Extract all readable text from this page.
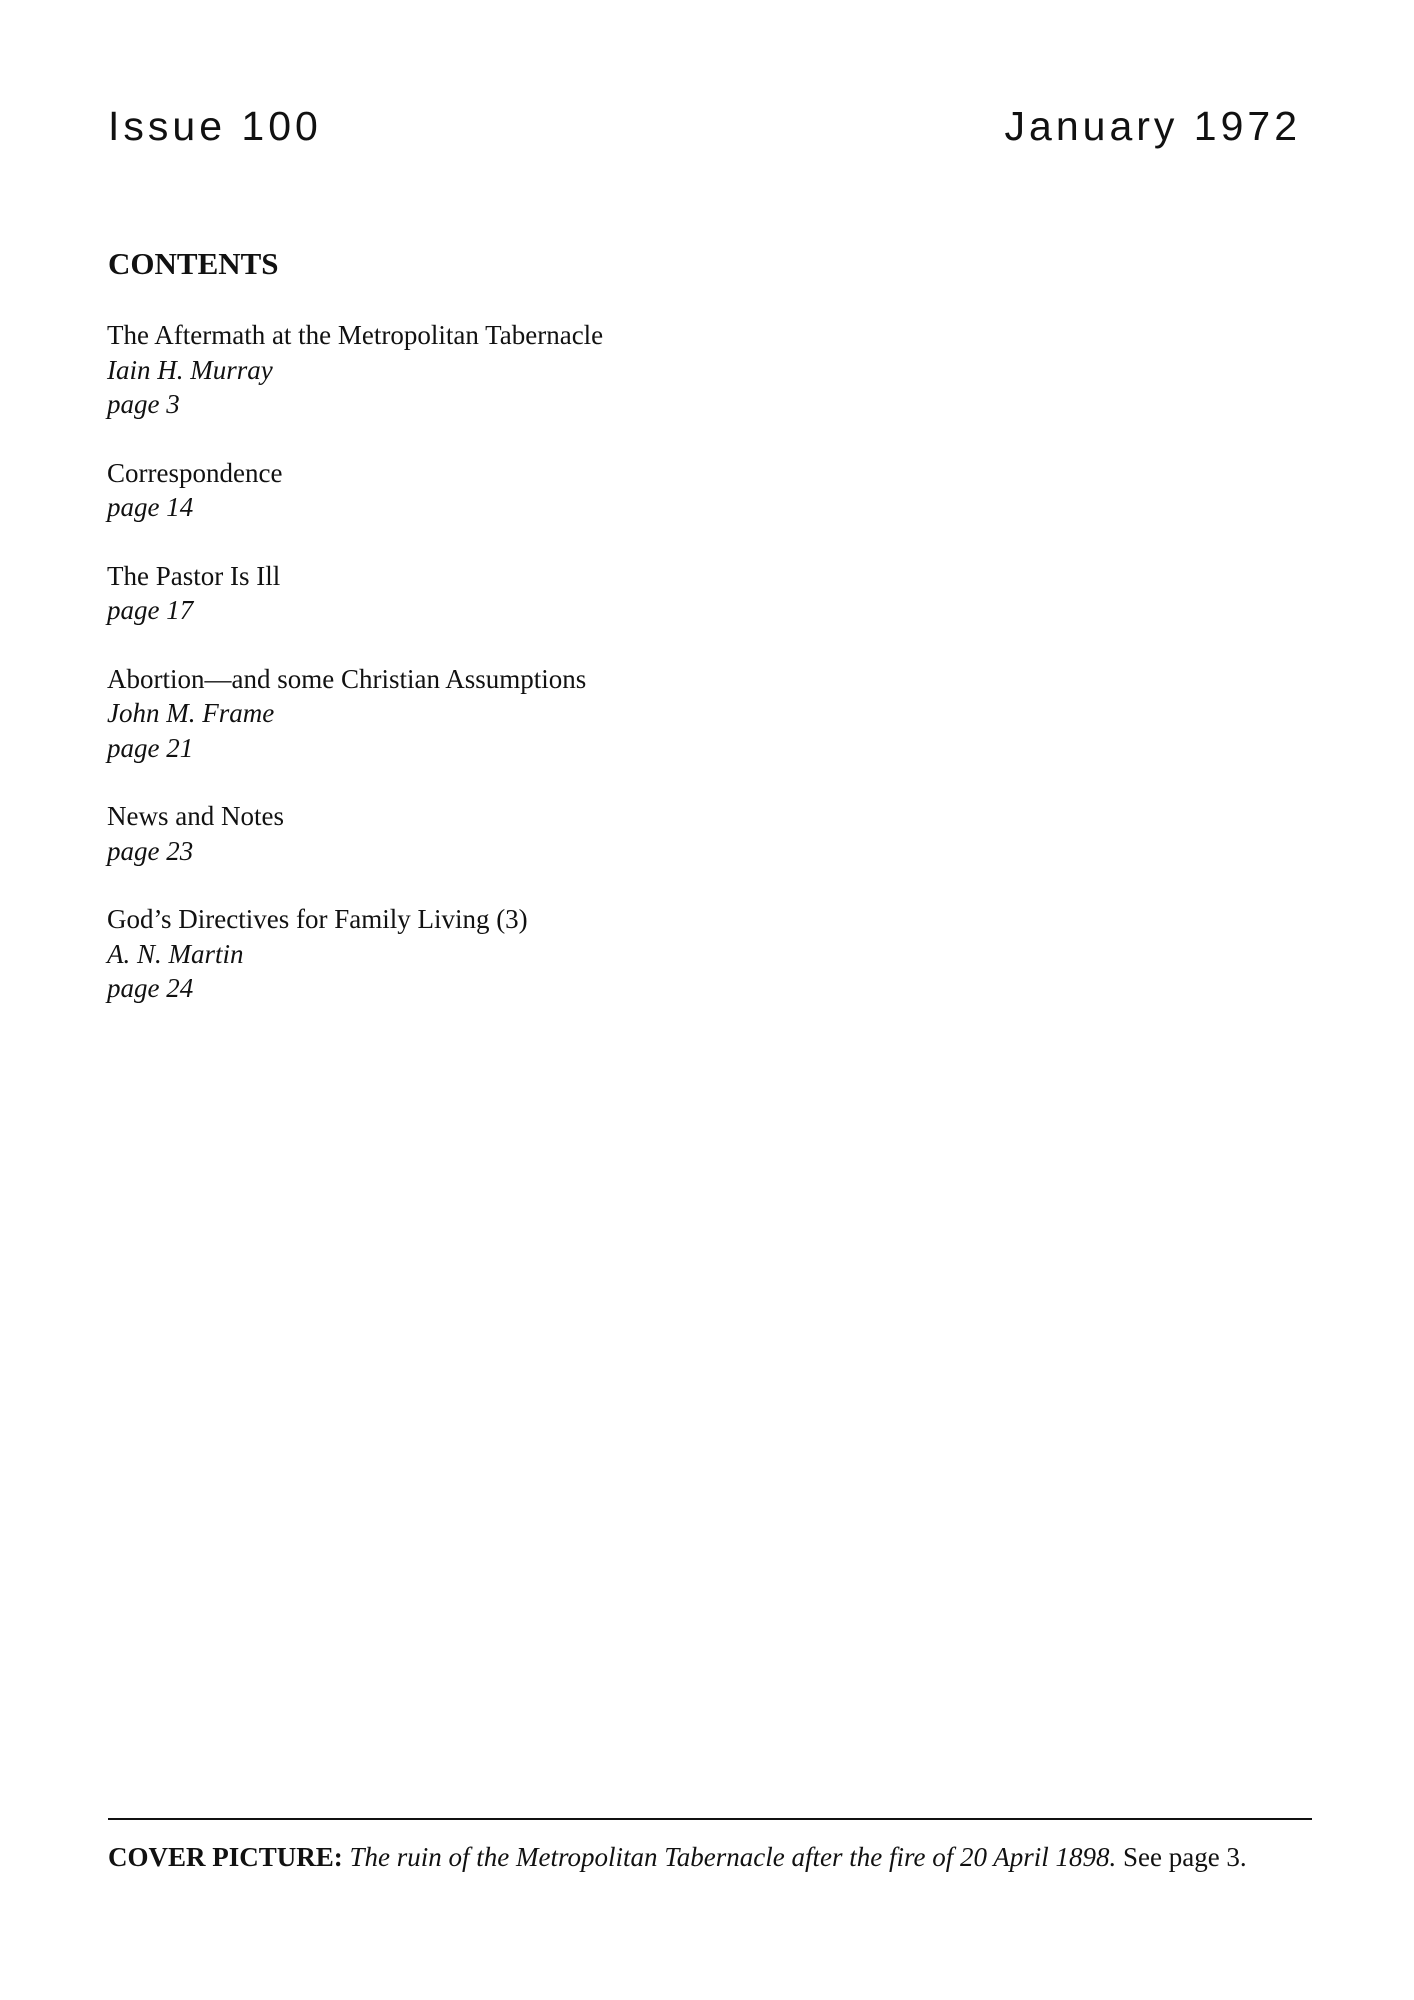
Issue 100	January 1972
CONTENTS
The Aftermath at the Metropolitan Tabernacle
Iain H. Murray
page 3
Correspondence
page 14
The Pastor Is Ill
page 17
Abortion—and some Christian Assumptions
John M. Frame
page 21
News and Notes
page 23
God’s Directives for Family Living (3)
A. N. Martin
page 24

COVER PICTURE: The ruin of the Metropolitan Tabernacle after the fire of 20 April 1898. See page 3.
